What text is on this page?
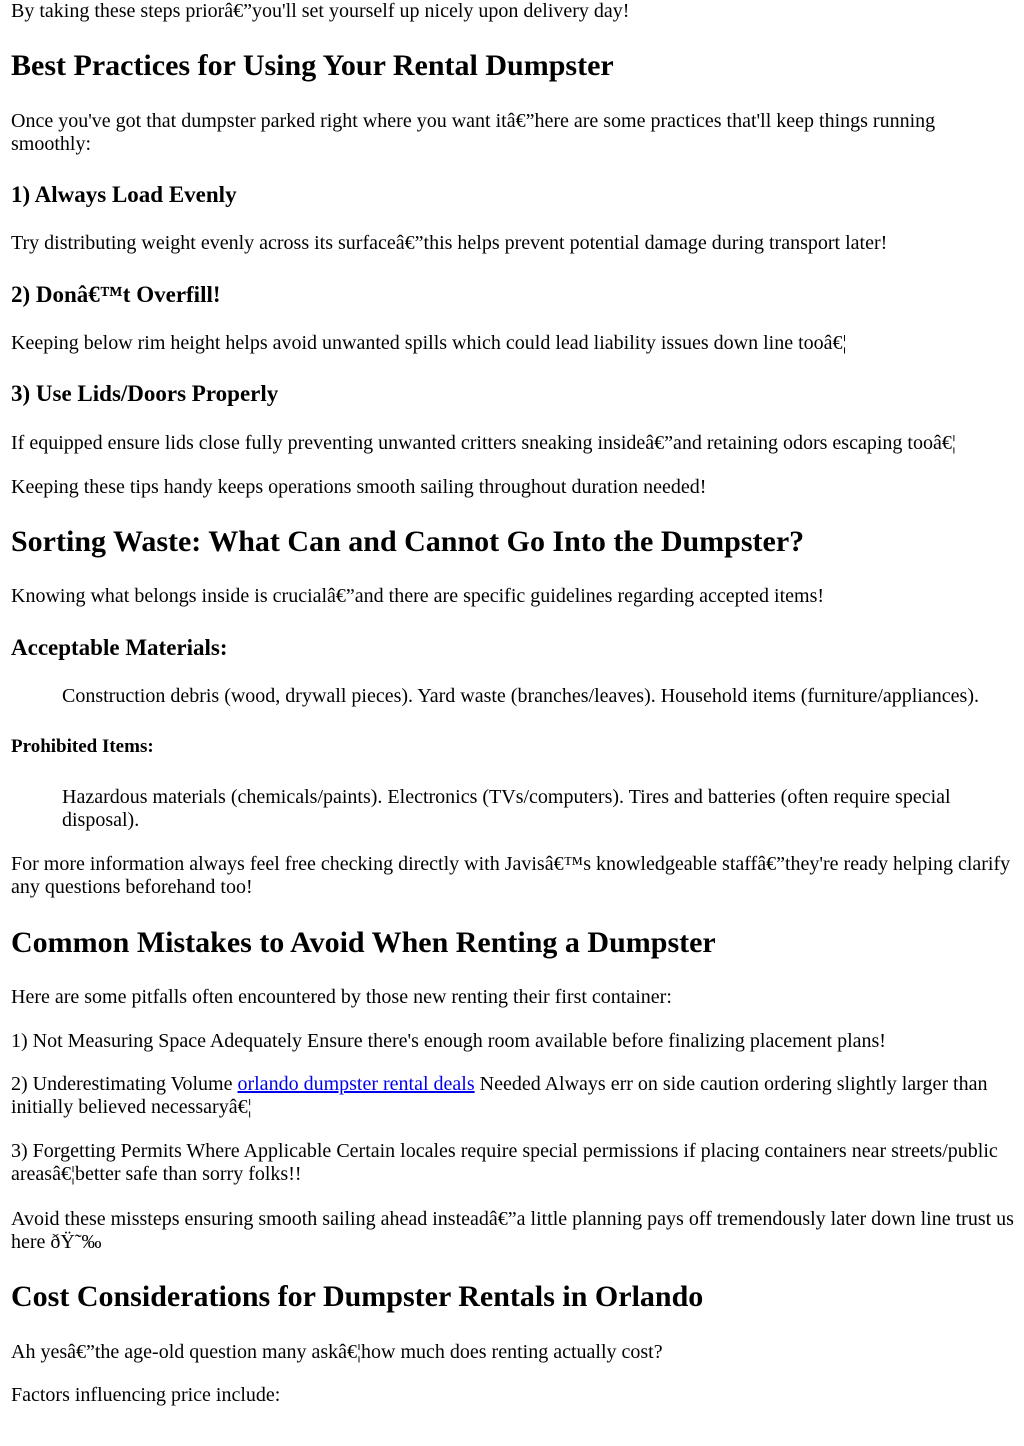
By taking these steps priorâ€”you'll set yourself up nicely upon delivery day!

Best Practices for Using Your Rental Dumpster

Once you've got that dumpster parked right where you want itâ€”here are some practices that'll keep things running smoothly:

1) Always Load Evenly

Try distributing weight evenly across its surfaceâ€”this helps prevent potential damage during transport later!

2) Donâ€™t Overfill!

Keeping below rim height helps avoid unwanted spills which could lead liability issues down line tooâ€¦

3) Use Lids/Doors Properly

If equipped ensure lids close fully preventing unwanted critters sneaking insideâ€”and retaining odors escaping tooâ€¦

Keeping these tips handy keeps operations smooth sailing throughout duration needed!

Sorting Waste: What Can and Cannot Go Into the Dumpster?

Knowing what belongs inside is crucialâ€”and there are specific guidelines regarding accepted items!

Acceptable Materials:

Construction debris (wood, drywall pieces). Yard waste (branches/leaves). Household items (furniture/appliances).

Prohibited Items:

Hazardous materials (chemicals/paints). Electronics (TVs/computers). Tires and batteries (often require special disposal).

For more information always feel free checking directly with Javisâ€™s knowledgeable staffâ€”they're ready helping clarify any questions beforehand too!

Common Mistakes to Avoid When Renting a Dumpster

Here are some pitfalls often encountered by those new renting their first container:

1) Not Measuring Space Adequately Ensure there's enough room available before finalizing placement plans!

2) Underestimating Volume orlando dumpster rental deals Needed Always err on side caution ordering slightly larger than initially believed necessaryâ€¦

3) Forgetting Permits Where Applicable Certain locales require special permissions if placing containers near streets/public areasâ€¦better safe than sorry folks!!

Avoid these missteps ensuring smooth sailing ahead insteadâ€”a little planning pays off tremendously later down line trust us here ðŸ˜‰

Cost Considerations for Dumpster Rentals in Orlando

Ah yesâ€”the age-old question many askâ€¦how much does renting actually cost?

Factors influencing price include:
